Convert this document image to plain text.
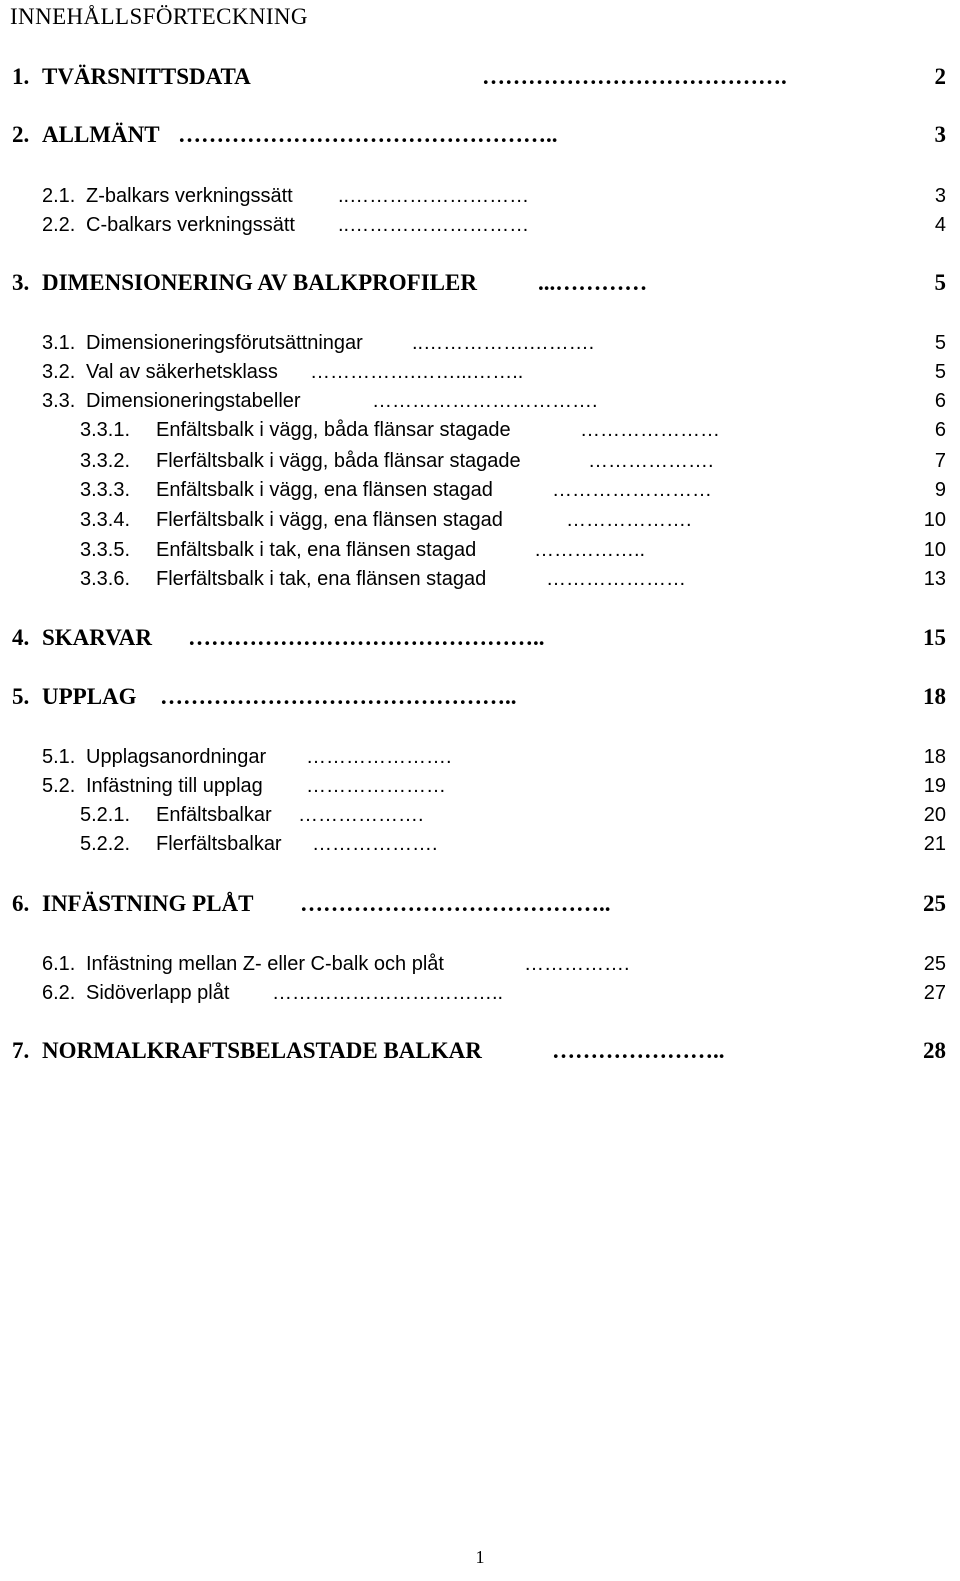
INNEHÅLLSFÖRTECKNING
1. TVÄRSNITTSDATA	………………………………….	2
2. ALLMÄNT …………………………………………..	3
2.1. Z-balkars verkningssätt ..………………………	3
2.2. C-balkars verkningssätt ..………………………	4
3. DIMENSIONERING AV BALKPROFILER	...…………	5
3.1. Dimensioneringsförutsättningar ..…………….……….	5
3.2. Val av säkerhetsklass …………….……...……..	5
3.3. Dimensioneringstabeller	…………………………….	6
3.3.1. Enfältsbalk i vägg, båda flänsar stagade	…………………	6
3.3.2. Flerfältsbalk i vägg, båda flänsar stagade	……………….	7
3.3.3. Enfältsbalk i vägg, ena flänsen stagad	……………………	9
3.3.4. Flerfältsbalk i vägg, ena flänsen stagad	……………….	10
3.3.5. Enfältsbalk i tak, ena flänsen stagad	……………..	10
3.3.6. Flerfältsbalk i tak, ena flänsen stagad	…………………	13
4. SKARVAR ………………………………………..	15
5. UPPLAG ………………………………………..	18
5.1. Upplagsanordningar ………………….	18
5.2. Infästning till upplag …………………	19
5.2.1. Enfältsbalkar ……………….	20
5.2.2. Flerfältsbalkar ……………….	21
6. INFÄSTNING PLÅT …………………………………..	25
6.1. Infästning mellan Z- eller C-balk och plåt	…………….	25
6.2. Sidöverlapp plåt ……………………………..	27
7. NORMALKRAFTSBELASTADE BALKAR	…………………..	28
1
